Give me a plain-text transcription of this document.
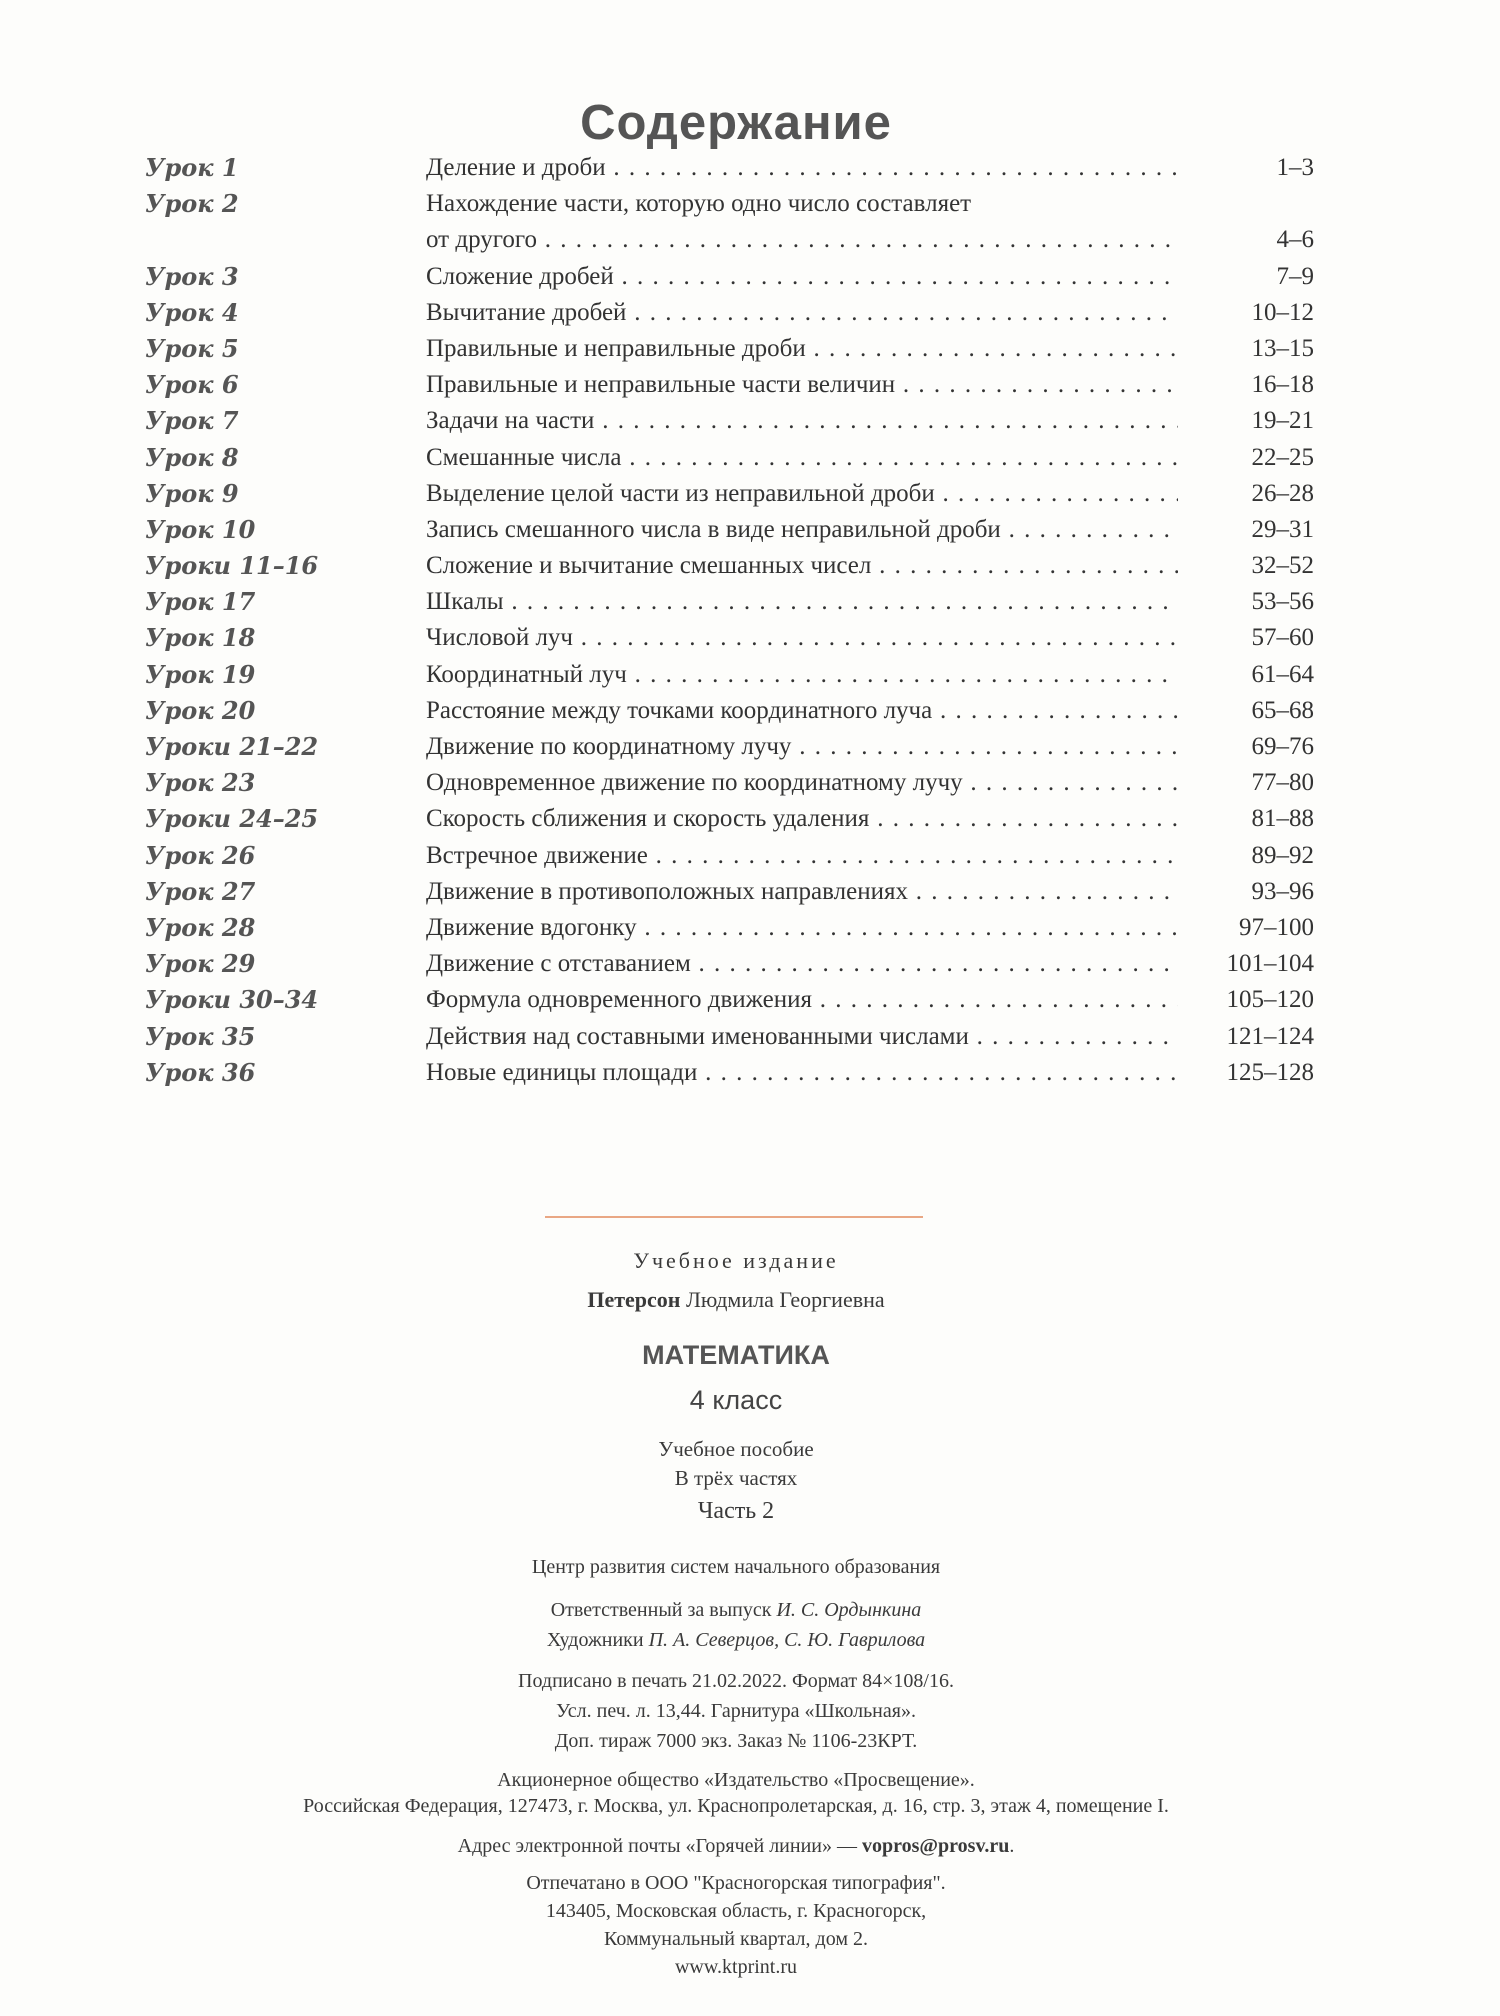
Содержание
Урок 1	Деление и дроби . . .	1–3
Урок 2	Нахождение части, которую одно число составляет
от другого . . .	4–6
Урок 3	Сложение дробей . . .	7–9
Урок 4	Вычитание дробей . . .	10–12
Урок 5	Правильные и неправильные дроби . . .	13–15
Урок 6	Правильные и неправильные части величин . . .	16–18
Урок 7	Задачи на части . . .	19–21
Урок 8	Смешанные числа . . .	22–25
Урок 9	Выделение целой части из неправильной дроби . . .	26–28
Урок 10	Запись смешанного числа в виде неправильной дроби . . .	29–31
Уроки 11–16	Сложение и вычитание смешанных чисел . . .	32–52
Урок 17	Шкалы . . .	53–56
Урок 18	Числовой луч . . .	57–60
Урок 19	Координатный луч . . .	61–64
Урок 20	Расстояние между точками координатного луча . . .	65–68
Уроки 21–22	Движение по координатному лучу . . .	69–76
Урок 23	Одновременное движение по координатному лучу . . .	77–80
Уроки 24–25	Скорость сближения и скорость удаления . . .	81–88
Урок 26	Встречное движение . . .	89–92
Урок 27	Движение в противоположных направлениях . . .	93–96
Урок 28	Движение вдогонку . . .	97–100
Урок 29	Движение с отставанием . . .	101–104
Уроки 30–34	Формула одновременного движения . . .	105–120
Урок 35	Действия над составными именованными числами . . .	121–124
Урок 36	Новые единицы площади . . .	125–128
Учебное издание
Петерсон Людмила Георгиевна
МАТЕМАТИКА
4 класс
Учебное пособие
В трёх частях
Часть 2
Центр развития систем начального образования
Ответственный за выпуск И. С. Ордынкина
Художники П. А. Северцов, С. Ю. Гаврилова
Подписано в печать 21.02.2022. Формат 84×108/16.
Усл. печ. л. 13,44. Гарнитура «Школьная».
Доп. тираж 7000 экз. Заказ № 1106-23КРТ.
Акционерное общество «Издательство «Просвещение».
Российская Федерация, 127473, г. Москва, ул. Краснопролетарская, д. 16, стр. 3, этаж 4, помещение I.
Адрес электронной почты «Горячей линии» — vopros@prosv.ru.
Отпечатано в ООО "Красногорская типография".
143405, Московская область, г. Красногорск,
Коммунальный квартал, дом 2.
www.ktprint.ru
